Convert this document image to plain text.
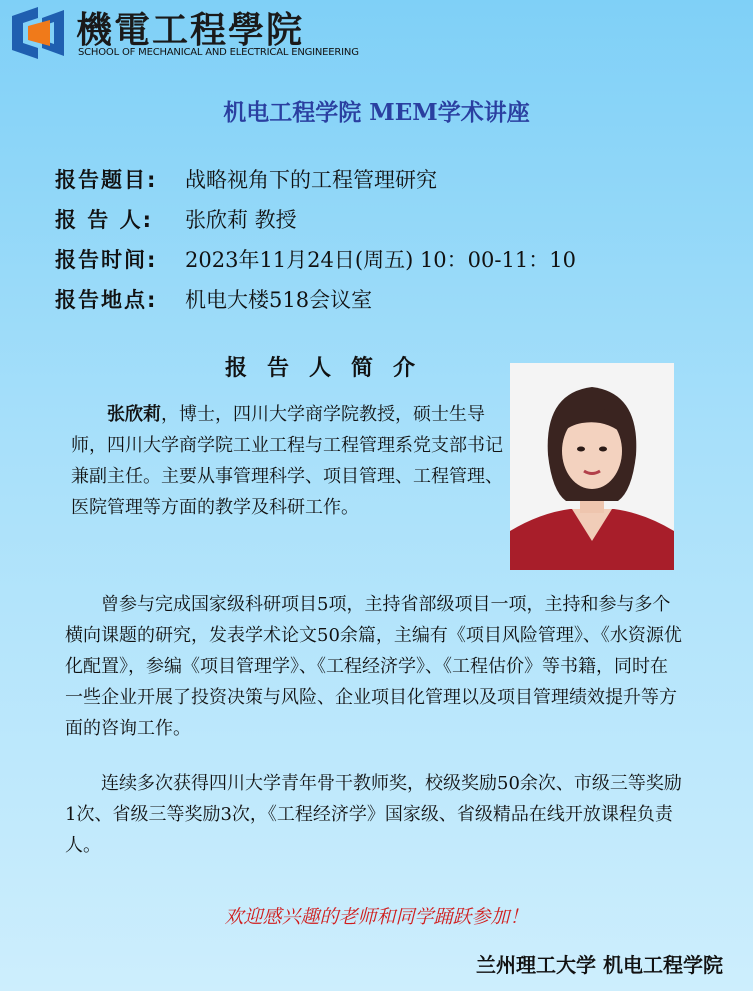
機電工程學院
SCHOOL OF MECHANICAL AND ELECTRICAL ENGINEERING
机电工程学院 MEM学术讲座
报告题目: 战略视角下的工程管理研究
报 告 人: 张欣莉 教授
报告时间: 2023年11月24日(周五) 10：00-11：10
报告地点: 机电大楼518会议室
报告人简介
张欣莉，博士，四川大学商学院教授，硕士生导师，四川大学商学院工业工程与工程管理系党支部书记兼副主任。主要从事管理科学、项目管理、工程管理、医院管理等方面的教学及科研工作。
曾参与完成国家级科研项目5项，主持省部级项目一项，主持和参与多个横向课题的研究，发表学术论文50余篇，主编有《项目风险管理》、《水资源优化配置》，参编《项目管理学》、《工程经济学》、《工程估价》等书籍，同时在一些企业开展了投资决策与风险、企业项目化管理以及项目管理绩效提升等方面的咨询工作。
连续多次获得四川大学青年骨干教师奖，校级奖励50余次、市级三等奖励1次、省级三等奖励3次，《工程经济学》国家级、省级精品在线开放课程负责人。
欢迎感兴趣的老师和同学踊跃参加！
兰州理工大学 机电工程学院
